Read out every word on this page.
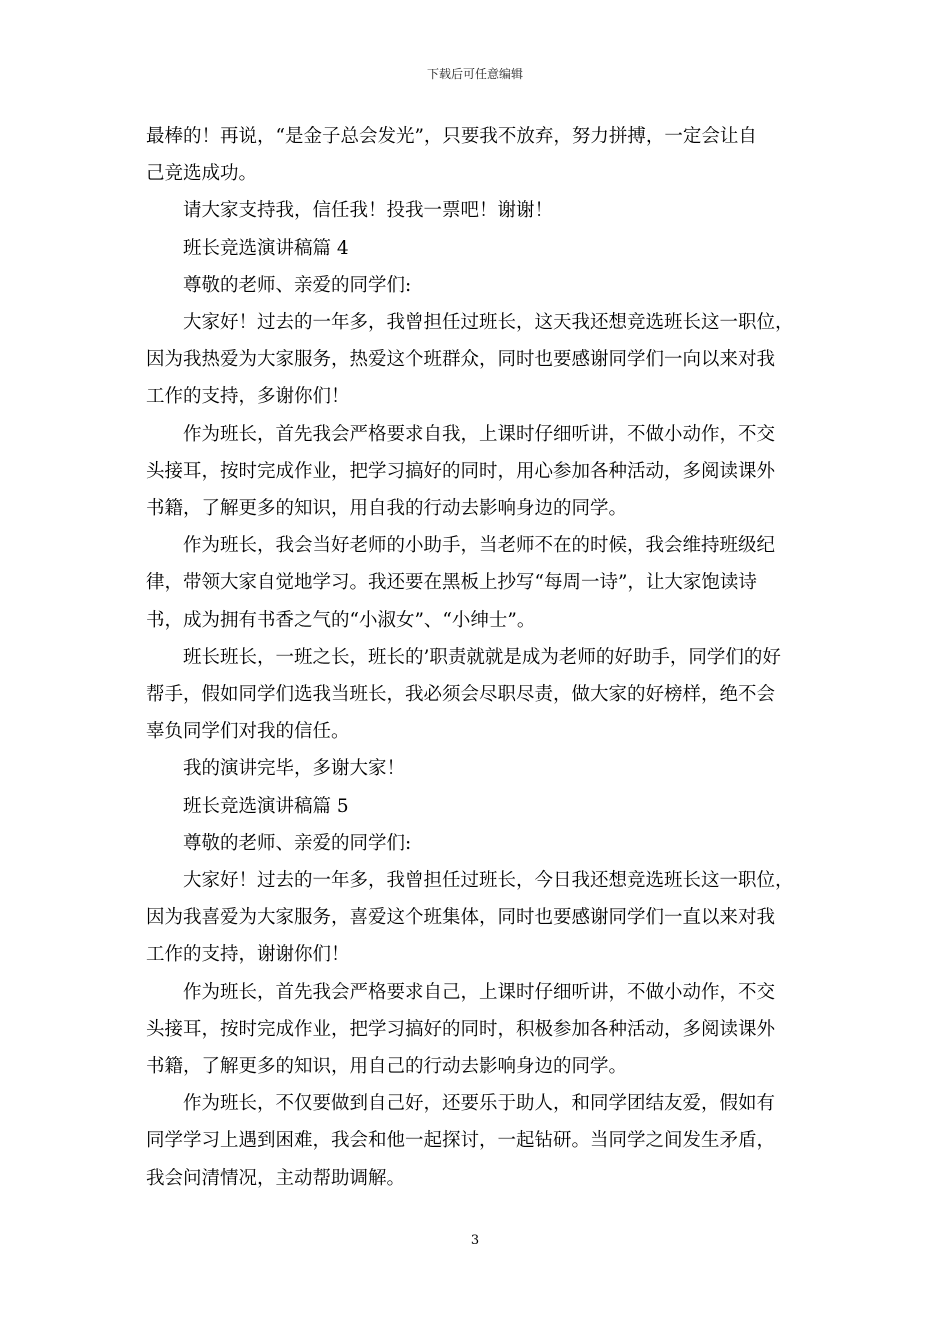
下载后可任意编辑

最棒的！再说，“是金子总会发光”，只要我不放弃，努力拼搏，一定会让自

己竞选成功。

请大家支持我，信任我！投我一票吧！谢谢！

班长竞选演讲稿篇 4

尊敬的老师、亲爱的同学们:

大家好！过去的一年多，我曾担任过班长，这天我还想竞选班长这一职位，

因为我热爱为大家服务，热爱这个班群众，同时也要感谢同学们一向以来对我

工作的支持，多谢你们！

作为班长，首先我会严格要求自我，上课时仔细听讲，不做小动作，不交

头接耳，按时完成作业，把学习搞好的同时，用心参加各种活动，多阅读课外

书籍，了解更多的知识，用自我的行动去影响身边的同学。

作为班长，我会当好老师的小助手，当老师不在的时候，我会维持班级纪

律，带领大家自觉地学习。我还要在黑板上抄写“每周一诗”，让大家饱读诗

书，成为拥有书香之气的“小淑女”、“小绅士”。

班长班长，一班之长，班长的’职责就就是成为老师的好助手，同学们的好

帮手，假如同学们选我当班长，我必须会尽职尽责，做大家的好榜样，绝不会

辜负同学们对我的信任。

我的演讲完毕，多谢大家！

班长竞选演讲稿篇 5

尊敬的老师、亲爱的同学们:

大家好！过去的一年多，我曾担任过班长，今日我还想竞选班长这一职位，

因为我喜爱为大家服务，喜爱这个班集体，同时也要感谢同学们一直以来对我

工作的支持，谢谢你们！

作为班长，首先我会严格要求自己，上课时仔细听讲，不做小动作，不交

头接耳，按时完成作业，把学习搞好的同时，积极参加各种活动，多阅读课外

书籍，了解更多的知识，用自己的行动去影响身边的同学。

作为班长，不仅要做到自己好，还要乐于助人，和同学团结友爱，假如有

同学学习上遇到困难，我会和他一起探讨，一起钻研。当同学之间发生矛盾，

我会问清情况，主动帮助调解。

3
